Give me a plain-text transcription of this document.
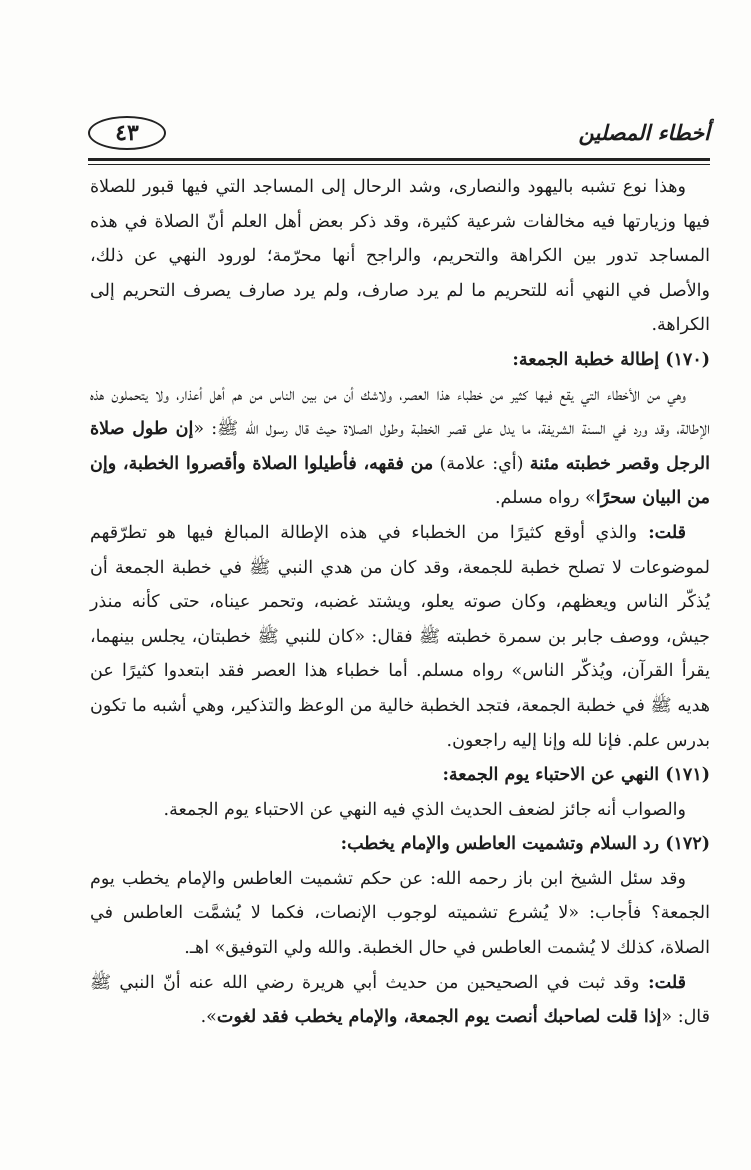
٤٣	أخطاء المصلين

وهذا نوع تشبه باليهود والنصارى، وشد الرحال إلى المساجد التي فيها قبور للصلاة فيها وزيارتها فيه مخالفات شرعية كثيرة، وقد ذكر بعض أهل العلم أنّ الصلاة في هذه المساجد تدور بين الكراهة والتحريم، والراجح أنها محرّمة؛ لورود النهي عن ذلك، والأصل في النهي أنه للتحريم ما لم يرد صارف، ولم يرد صارف يصرف التحريم إلى الكراهة.

(١٧٠) إطالة خطبة الجمعة:

وهي من الأخطاء التي يقع فيها كثير من خطباء هذا العصر، ولاشك أن من بين الناس من هم أهل أعذار، ولا يتحملون هذه الإطالة، وقد ورد في السنة الشريفة، ما يدل على قصر الخطبة وطول الصلاة حيث قال رسول الله ﷺ: «إن طول صلاة الرجل وقصر خطبته مئنة (أي: علامة) من فقهه، فأطيلوا الصلاة وأقصروا الخطبة، وإن من البيان سحرًا» رواه مسلم.

قلت: والذي أوقع كثيرًا من الخطباء في هذه الإطالة المبالغ فيها هو تطرّقهم لموضوعات لا تصلح خطبة للجمعة، وقد كان من هدي النبي ﷺ في خطبة الجمعة أن يُذكّر الناس ويعظهم، وكان صوته يعلو، ويشتد غضبه، وتحمر عيناه، حتى كأنه منذر جيش، ووصف جابر بن سمرة خطبته ﷺ فقال: «كان للنبي ﷺ خطبتان، يجلس بينهما، يقرأ القرآن، ويُذكّر الناس» رواه مسلم. أما خطباء هذا العصر فقد ابتعدوا كثيرًا عن هديه ﷺ في خطبة الجمعة، فتجد الخطبة خالية من الوعظ والتذكير، وهي أشبه ما تكون بدرس علم. فإنا لله وإنا إليه راجعون.

(١٧١) النهي عن الاحتباء يوم الجمعة:

والصواب أنه جائز لضعف الحديث الذي فيه النهي عن الاحتباء يوم الجمعة.

(١٧٢) رد السلام وتشميت العاطس والإمام يخطب:

وقد سئل الشيخ ابن باز رحمه الله: عن حكم تشميت العاطس والإمام يخطب يوم الجمعة؟ فأجاب: «لا يُشرع تشميته لوجوب الإنصات، فكما لا يُشمَّت العاطس في الصلاة، كذلك لا يُشمت العاطس في حال الخطبة. والله ولي التوفيق» اهـ.

قلت: وقد ثبت في الصحيحين من حديث أبي هريرة رضي الله عنه أنّ النبي ﷺ قال: «إذا قلت لصاحبك أنصت يوم الجمعة، والإمام يخطب فقد لغوت».
